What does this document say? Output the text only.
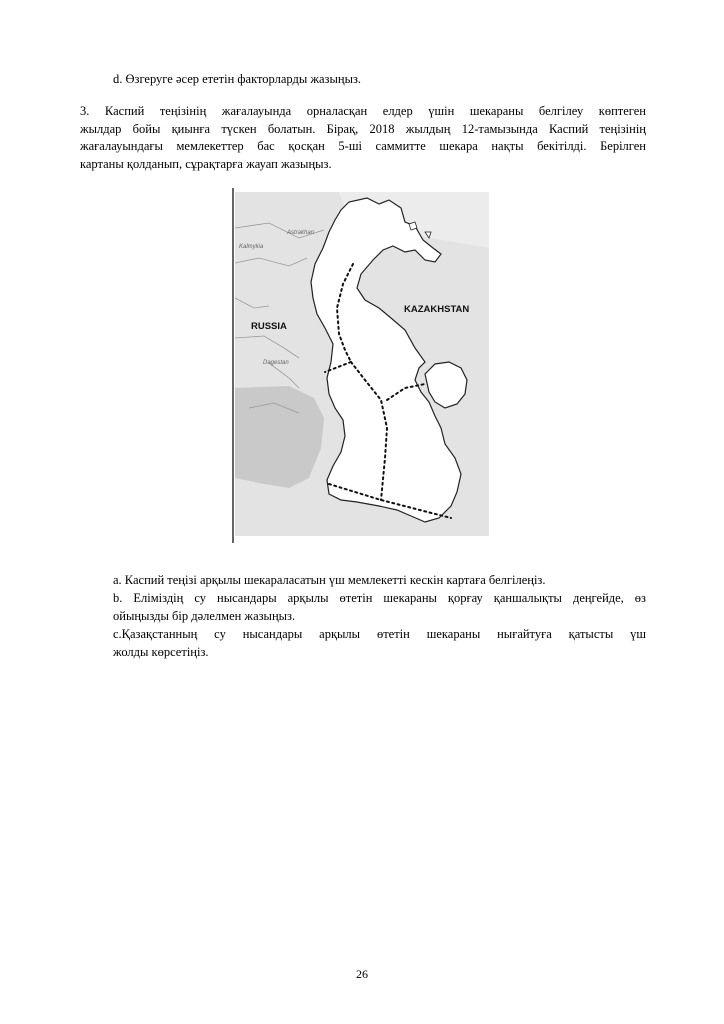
d. Өзгеруге әсер ететін факторларды жазыңыз.
3. Каспий теңізінің жағалауында орналасқан елдер үшін шекараны белгілеу көптеген
жылдар бойы қиынға түскен болатын. Бірақ, 2018 жылдың 12-тамызында Каспий теңізінің
жағалауындағы мемлекеттер бас қосқан 5-ші саммитте шекара нақты бекітілді. Берілген
картаны қолданып, сұрақтарға жауап жазыңыз.
KAZAKHSTAN
RUSSIA
Astrakhan
Kalmykia
Dagestan
a. Каспий теңізі арқылы шекараласатын үш мемлекетті кескін картаға белгілеңіз.
b. Еліміздің су нысандары арқылы өтетін шекараны қорғау қаншалықты деңгейде, өз
ойыңызды бір дәлелмен жазыңыз.
с.Қазақстанның су нысандары арқылы өтетін шекараны нығайтуға қатысты үш
жолды көрсетіңіз.
26
